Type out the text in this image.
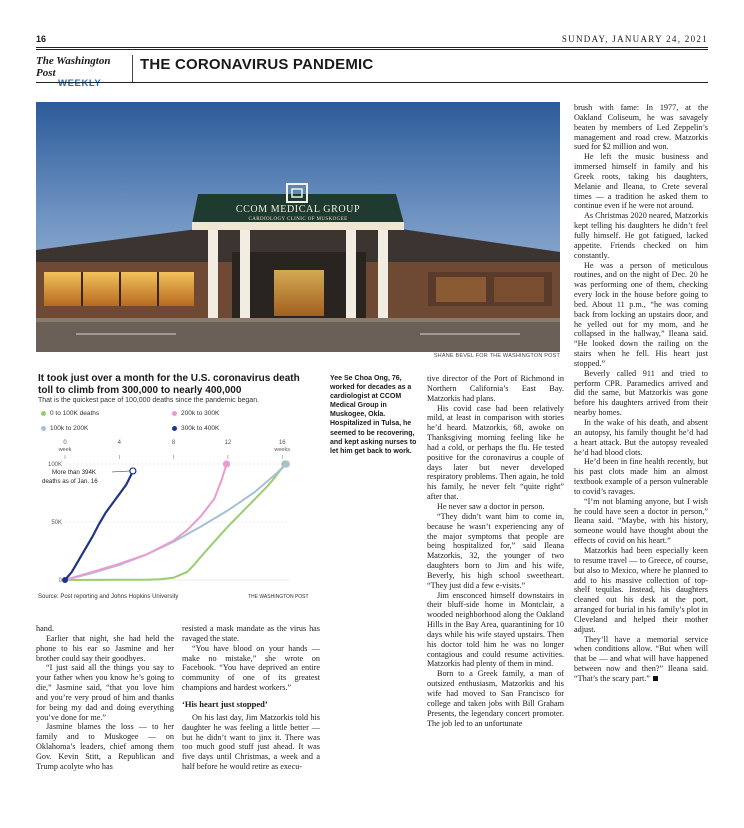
16	SUNDAY, JANUARY 24, 2021
The Washington Post
WEEKLY
THE CORONAVIRUS PANDEMIC
CCOM MEDICAL GROUP
CARDIOLOGY CLINIC OF MUSKOGEE
SHANE BEVEL FOR THE WASHINGTON POST
It took just over a month for the U.S. coronavirus death toll to climb from 300,000 to nearly 400,000
That is the quickest pace of 100,000 deaths since the pandemic began.
0 to 100K deaths
100k to 200K
200k to 300K
300k to 400K
0
50K
100K
0
week
4	8	12	16
weeks
More than 394K
deaths as of Jan. 16
Source: Post reporting and Johns Hopkins University	THE WASHINGTON POST
Yee Se Choa Ong, 76, worked for decades as a cardiologist at CCOM Medical Group in Muskogee, Okla. Hospitalized in Tulsa, he seemed to be recovering, and kept asking nurses to let him get back to work.

hand.

Earlier that night, she had held the phone to his ear so Jasmine and her brother could say their goodbyes.

“I just said all the things you say to your father when you know he’s going to die,” Jasmine said, “that you love him and you’re very proud of him and thanks for being my dad and doing everything you’ve done for me.”

Jasmine blames the loss — to her family and to Muskogee — on Oklahoma’s leaders, chief among them Gov. Kevin Stitt, a Republican and Trump acolyte who has

resisted a mask mandate as the virus has ravaged the state.

“You have blood on your hands — make no mistake,” she wrote on Facebook. “You have deprived an entire community of one of its greatest champions and hardest workers.”

‘His heart just stopped’

On his last day, Jim Matzorkis told his daughter he was feeling a little better — but he didn’t want to jinx it. There was too much good stuff just ahead. It was five days until Christmas, a week and a half before he would retire as execu-

tive director of the Port of Richmond in Northern California’s East Bay. Matzorkis had plans.

His covid case had been relatively mild, at least in comparison with stories he’d heard. Matzorkis, 68, awoke on Thanksgiving morning feeling like he had a cold, or perhaps the flu. He tested positive for the coronavirus a couple of days later but never developed respiratory problems. Then again, he told his family, he never felt “quite right” after that.

He never saw a doctor in person.

“They didn’t want him to come in, because he wasn’t experiencing any of the major symptoms that people are being hospitalized for,” said Ileana Matzorkis, 32, the younger of two daughters born to Jim and his wife, Beverly, his high school sweetheart. “They just did a few e-visits.”

Jim ensconced himself downstairs in their bluff-side home in Montclair, a wooded neighborhood along the Oakland Hills in the Bay Area, quarantining for 10 days while his wife stayed upstairs. Then his doctor told him he was no longer contagious and could resume activities. Matzorkis had plenty of them in mind.

Born to a Greek family, a man of outsized enthusiasm, Matzorkis and his wife had moved to San Francisco for college and taken jobs with Bill Graham Presents, the legendary concert promoter. The job led to an unfortunate

brush with fame: In 1977, at the Oakland Coliseum, he was savagely beaten by members of Led Zeppelin’s management and road crew. Matzorkis sued for $2 million and won.

He left the music business and immersed himself in family and his Greek roots, taking his daughters, Melanie and Ileana, to Crete several times — a tradition he asked them to continue even if he were not around.

As Christmas 2020 neared, Matzorkis kept telling his daughters he didn’t feel fully himself. He got fatigued, lacked appetite. Friends checked on him constantly.

He was a person of meticulous routines, and on the night of Dec. 20 he was performing one of them, checking every lock in the house before going to bed. About 11 p.m., “he was coming back from locking an upstairs door, and he yelled out for my mom, and he collapsed in the hallway,” Ileana said. “He looked down the railing on the stairs when he fell. His heart just stopped.”

Beverly called 911 and tried to perform CPR. Paramedics arrived and did the same, but Matzorkis was gone before his daughters arrived from their nearby homes.

In the wake of his death, and absent an autopsy, his family thought he’d had a heart attack. But the autopsy revealed he’d had blood clots.

He’d been in fine health recently, but his past clots made him an almost textbook example of a person vulnerable to covid’s ravages.

“I’m not blaming anyone, but I wish he could have seen a doctor in person,” Ileana said. “Maybe, with his history, someone would have thought about the effects of covid on his heart.”

Matzorkis had been especially keen to resume travel — to Greece, of course, but also to Mexico, where he planned to add to his massive collection of top-shelf tequilas. Instead, his daughters cleaned out his desk at the port, arranged for burial in his family’s plot in Cleveland and helped their mother adjust.

They’ll have a memorial service when conditions allow. “But when will that be — and what will have happened between now and then?” Ileana said. “That’s the scary part.”
